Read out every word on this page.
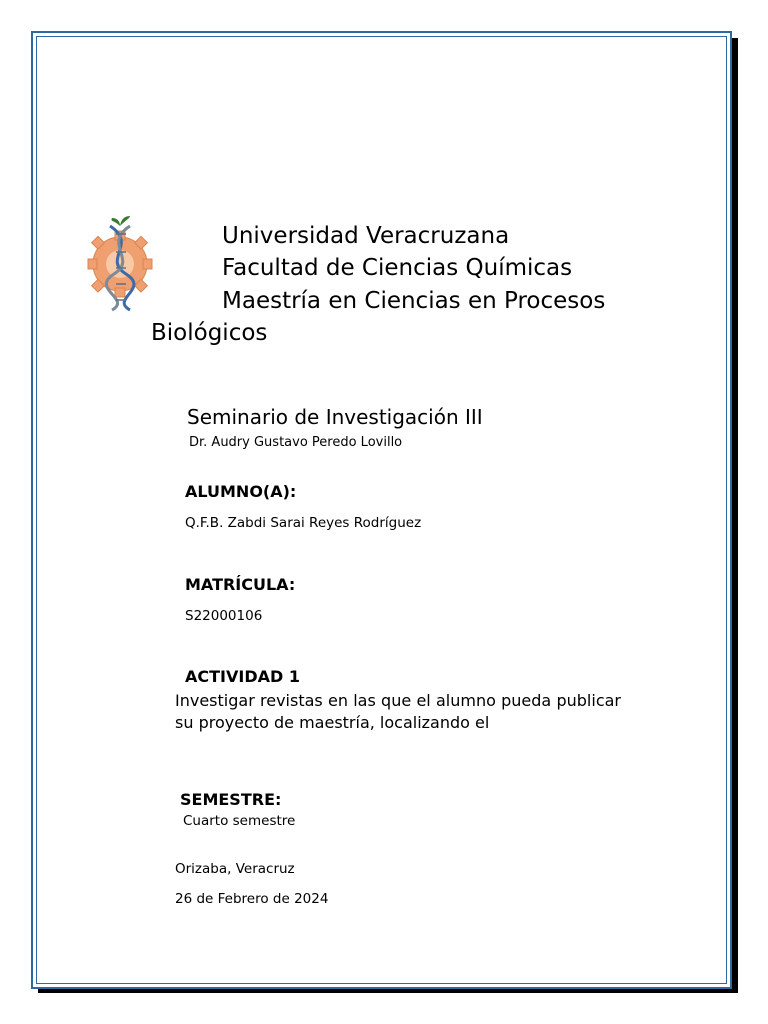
Universidad Veracruzana
Facultad de Ciencias Químicas
Maestría en Ciencias en Procesos
Biológicos
Seminario de Investigación III
Dr. Audry Gustavo Peredo Lovillo
ALUMNO(A):
Q.F.B. Zabdi Sarai Reyes Rodríguez
MATRÍCULA:
S22000106
ACTIVIDAD 1

Investigar revistas en las que el alumno pueda publicar su proyecto de maestría, localizando el

SEMESTRE:
Cuarto semestre
Orizaba, Veracruz
26 de Febrero de 2024
